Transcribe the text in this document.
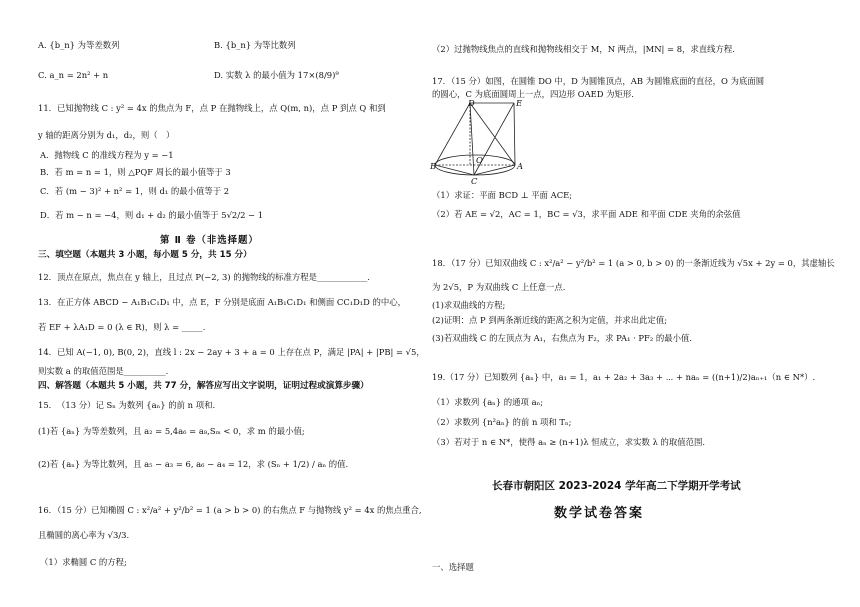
A. {b_n} 为等差数列	B. {b_n} 为等比数列
C. a_n = 2n² + n	D. 实数 λ 的最小值为 17×(8/9)⁹
11．已知抛物线 C : y² = 4x 的焦点为 F，点 P 在抛物线上，点 Q(m, n)，点 P 到点 Q 和到
y 轴的距离分别为 d₁，d₂，则（　）
A．抛物线 C 的准线方程为 y = −1
B．若 m = n = 1，则 △PQF 周长的最小值等于 3
C．若 (m − 3)² + n² = 1，则 d₁ 的最小值等于 2
D．若 m − n = −4，则 d₁ + d₂ 的最小值等于 5√2/2 − 1
第 Ⅱ 卷（非选择题）
三、填空题（本题共 3 小题，每小题 5 分，共 15 分）
12．顶点在原点，焦点在 y 轴上，且过点 P(−2, 3) 的抛物线的标准方程是____________.
13．在正方体 ABCD − A₁B₁C₁D₁ 中，点 E，F 分别是底面 A₁B₁C₁D₁ 和侧面 CC₁D₁D 的中心，
若 EF + λA₁D = 0 (λ ∈ R)，则 λ = _____.
14．已知 A(−1, 0), B(0, 2)，直线 l : 2x − 2ay + 3 + a = 0 上存在点 P，满足 |PA| + |PB| = √5，
则实数 a 的取值范围是__________.
四、解答题（本题共 5 小题，共 77 分，解答应写出文字说明，证明过程或演算步骤）
15．　（13 分）记 Sₙ 为数列 {aₙ} 的前 n 项和.
(1)若 {aₙ} 为等差数列，且 a₂ = 5,4a₆ = a₈,Sₘ < 0，求 m 的最小值;
(2)若 {aₙ} 为等比数列，且 a₅ − a₃ = 6, a₆ − a₄ = 12，求 (Sₙ + 1/2) / aₙ 的值.
16．（15 分）已知椭圆 C : x²/a² + y²/b² = 1 (a > b > 0) 的右焦点 F 与抛物线 y² = 4x 的焦点重合,
且椭圆的离心率为 √3/3.
（1）求椭圆 C 的方程;
（2）过抛物线焦点的直线和抛物线相交于 M，N 两点，|MN| = 8，求直线方程.
17．（15 分）如图，在圆锥 DO 中，D 为圆锥顶点，AB 为圆锥底面的直径，O 为底面圆
的圆心，C 为底面圆周上一点，四边形 OAED 为矩形.
D	E
B
O
A
C
（1）求证：平面 BCD ⊥ 平面 ACE;
（2）若 AE = √2，AC = 1，BC = √3，求平面 ADE 和平面 CDE 夹角的余弦值
18．（17 分）已知双曲线 C : x²/a² − y²/b² = 1 (a > 0, b > 0) 的一条渐近线为 √5x + 2y = 0，其虚轴长
为 2√5，P 为双曲线 C 上任意一点.
(1)求双曲线的方程;
(2)证明：点 P 到两条渐近线的距离之积为定值，并求出此定值;
(3)若双曲线 C 的左顶点为 A₁，右焦点为 F₂，求 PA₁ · PF₂ 的最小值.
19.（17 分）已知数列 {aₙ} 中，a₁ = 1，a₁ + 2a₂ + 3a₃ + ⋯ + naₙ = ((n+1)/2)aₙ₊₁（n ∈ N*）.
（1）求数列 {aₙ} 的通项 aₙ;
（2）求数列 {n²aₙ} 的前 n 项和 Tₙ;
（3）若对于 n ∈ N*，使得 aₙ ≥ (n+1)λ 恒成立，求实数 λ 的取值范围.
长春市朝阳区 2023-2024 学年高二下学期开学考试
数学试卷答案
一、选择题
